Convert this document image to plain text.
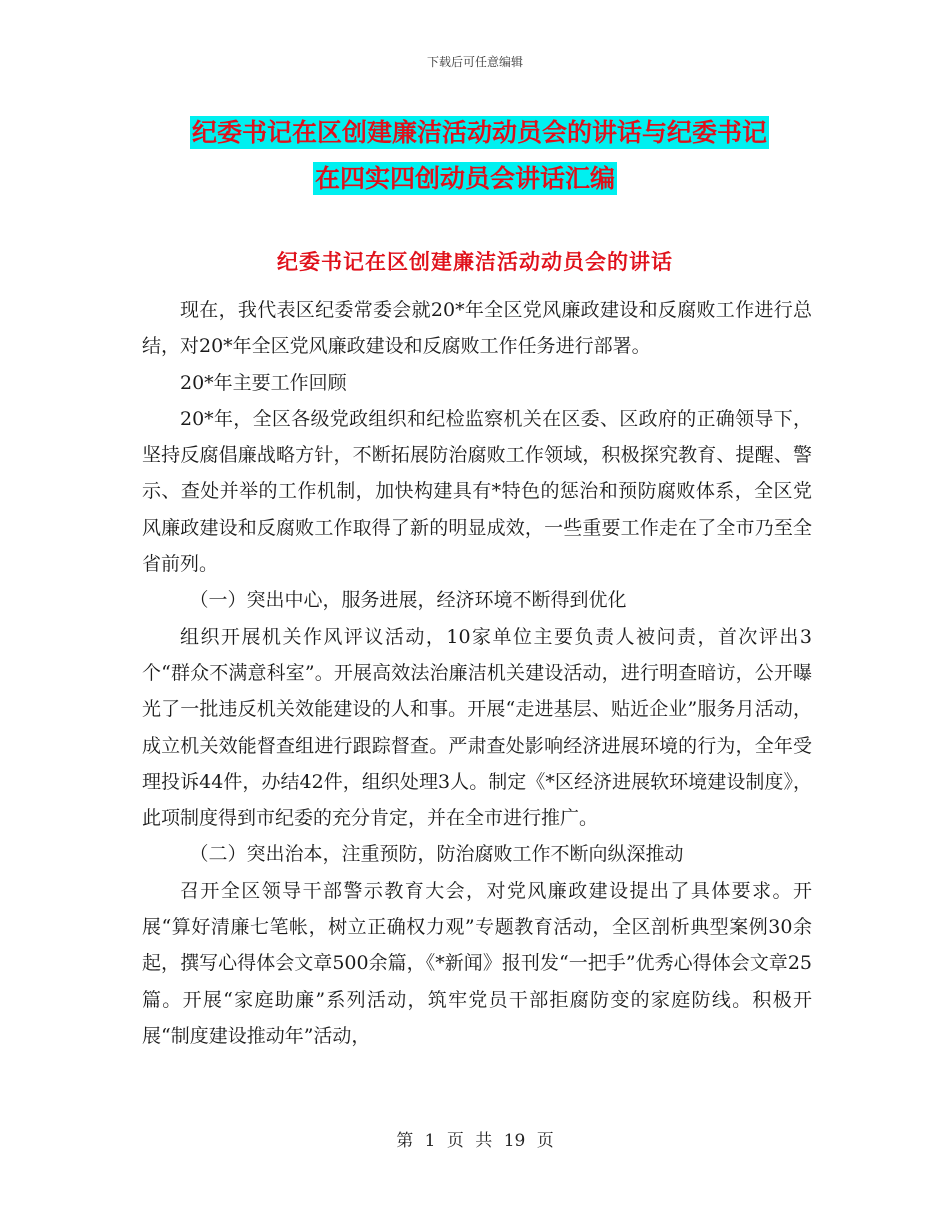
下载后可任意编辑
纪委书记在区创建廉洁活动动员会的讲话与纪委书记
在四实四创动员会讲话汇编
纪委书记在区创建廉洁活动动员会的讲话

现在，我代表区纪委常委会就20*年全区党风廉政建设和反腐败工作进行总结，对20*年全区党风廉政建设和反腐败工作任务进行部署。

20*年主要工作回顾

20*年，全区各级党政组织和纪检监察机关在区委、区政府的正确领导下，坚持反腐倡廉战略方针，不断拓展防治腐败工作领域，积极探究教育、提醒、警示、查处并举的工作机制，加快构建具有*特色的惩治和预防腐败体系，全区党风廉政建设和反腐败工作取得了新的明显成效，一些重要工作走在了全市乃至全省前列。

（一）突出中心，服务进展，经济环境不断得到优化

组织开展机关作风评议活动，10家单位主要负责人被问责，首次评出3个“群众不满意科室”。开展高效法治廉洁机关建设活动，进行明查暗访，公开曝光了一批违反机关效能建设的人和事。开展“走进基层、贴近企业”服务月活动，成立机关效能督查组进行跟踪督查。严肃查处影响经济进展环境的行为，全年受理投诉44件，办结42件，组织处理3人。制定《*区经济进展软环境建设制度》，此项制度得到市纪委的充分肯定，并在全市进行推广。

（二）突出治本，注重预防，防治腐败工作不断向纵深推动

召开全区领导干部警示教育大会，对党风廉政建设提出了具体要求。开展“算好清廉七笔帐，树立正确权力观”专题教育活动，全区剖析典型案例30余起，撰写心得体会文章500余篇，《*新闻》报刊发“一把手”优秀心得体会文章25篇。开展“家庭助廉”系列活动，筑牢党员干部拒腐防变的家庭防线。积极开展“制度建设推动年”活动，

第 1 页 共 19 页
